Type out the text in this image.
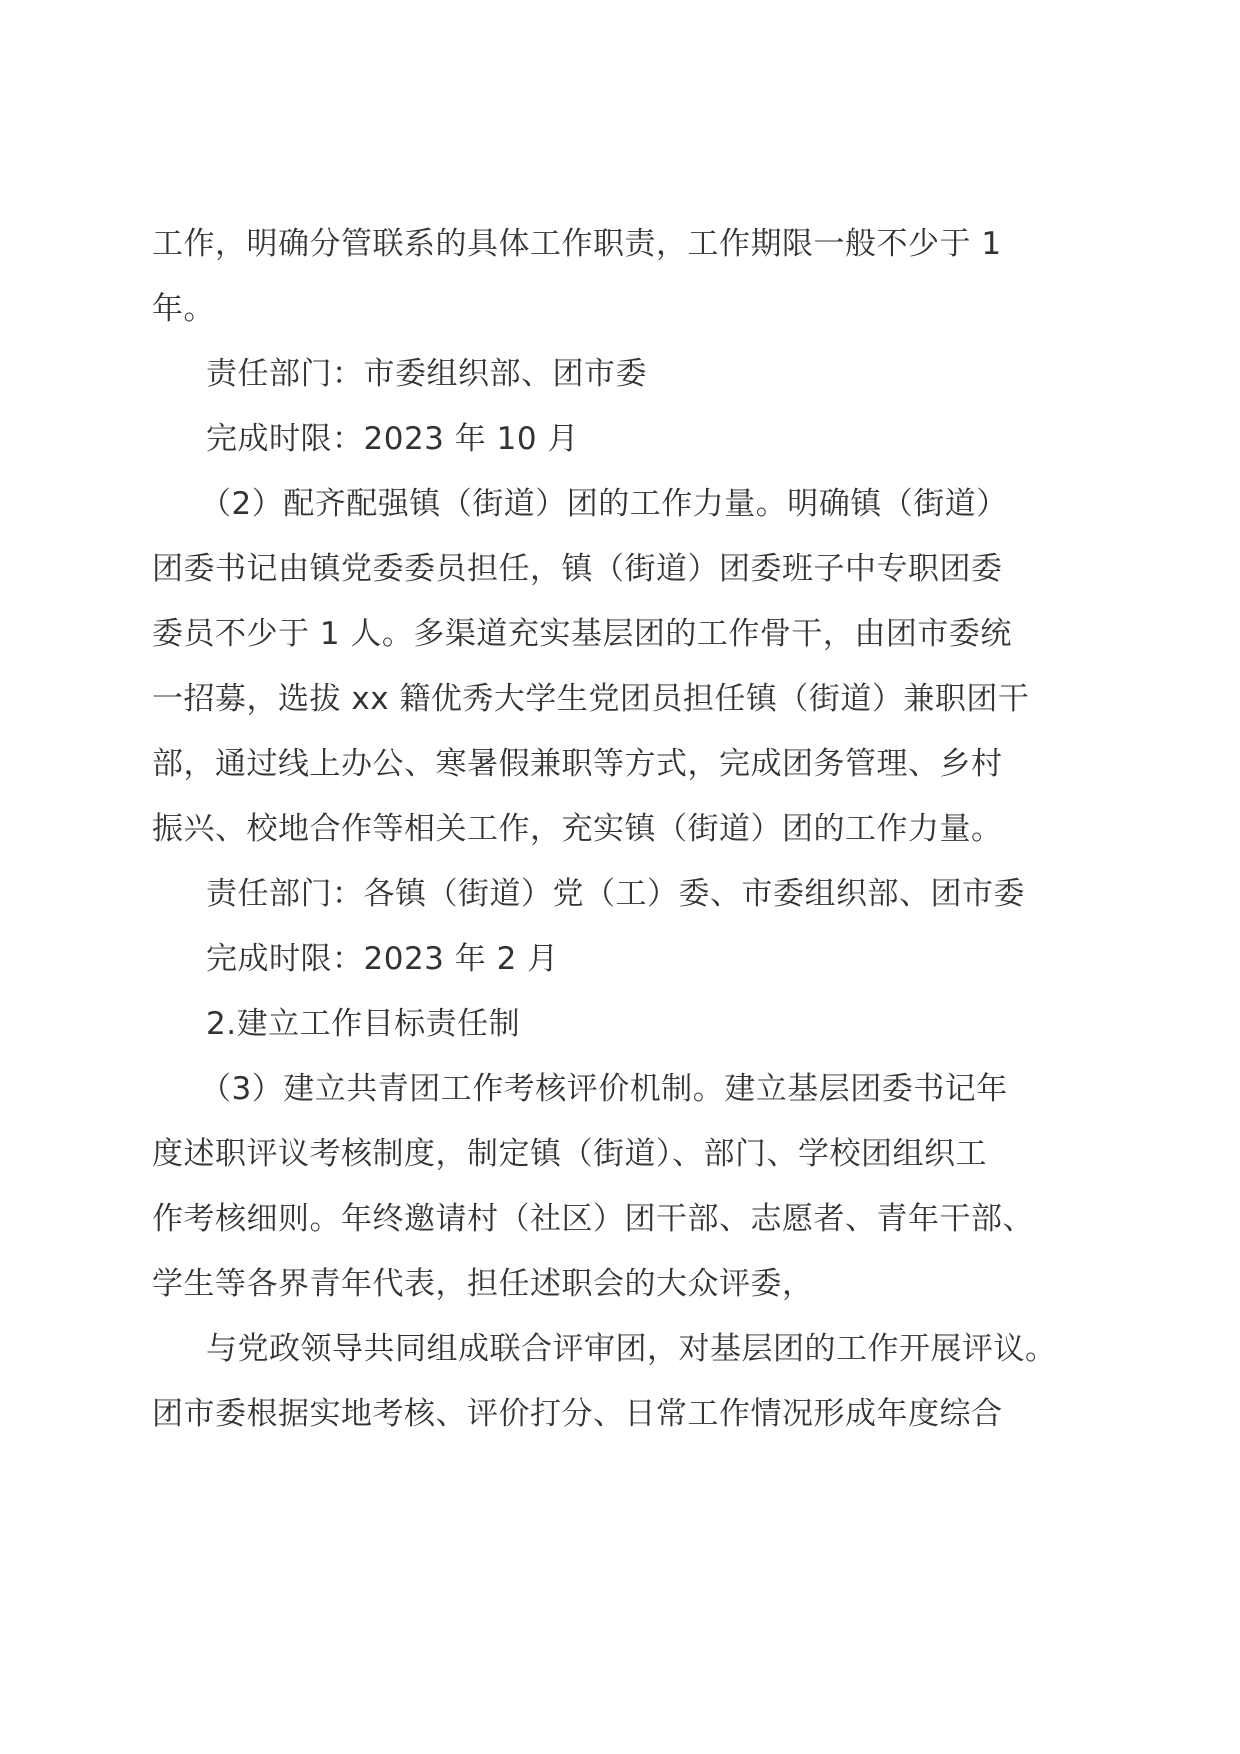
工作，明确分管联系的具体工作职责，工作期限一般不少于 1
年。
责任部门：市委组织部、团市委
完成时限：2023 年 10 月
（2）配齐配强镇（街道）团的工作力量。明确镇（街道）
团委书记由镇党委委员担任，镇（街道）团委班子中专职团委
委员不少于 1 人。多渠道充实基层团的工作骨干，由团市委统
一招募，选拔 xx 籍优秀大学生党团员担任镇（街道）兼职团干
部，通过线上办公、寒暑假兼职等方式，完成团务管理、乡村
振兴、校地合作等相关工作，充实镇（街道）团的工作力量。
责任部门：各镇（街道）党（工）委、市委组织部、团市委
完成时限：2023 年 2 月
2.建立工作目标责任制
（3）建立共青团工作考核评价机制。建立基层团委书记年
度述职评议考核制度，制定镇（街道）、部门、学校团组织工
作考核细则。年终邀请村（社区）团干部、志愿者、青年干部、
学生等各界青年代表，担任述职会的大众评委，
与党政领导共同组成联合评审团，对基层团的工作开展评议。
团市委根据实地考核、评价打分、日常工作情况形成年度综合
